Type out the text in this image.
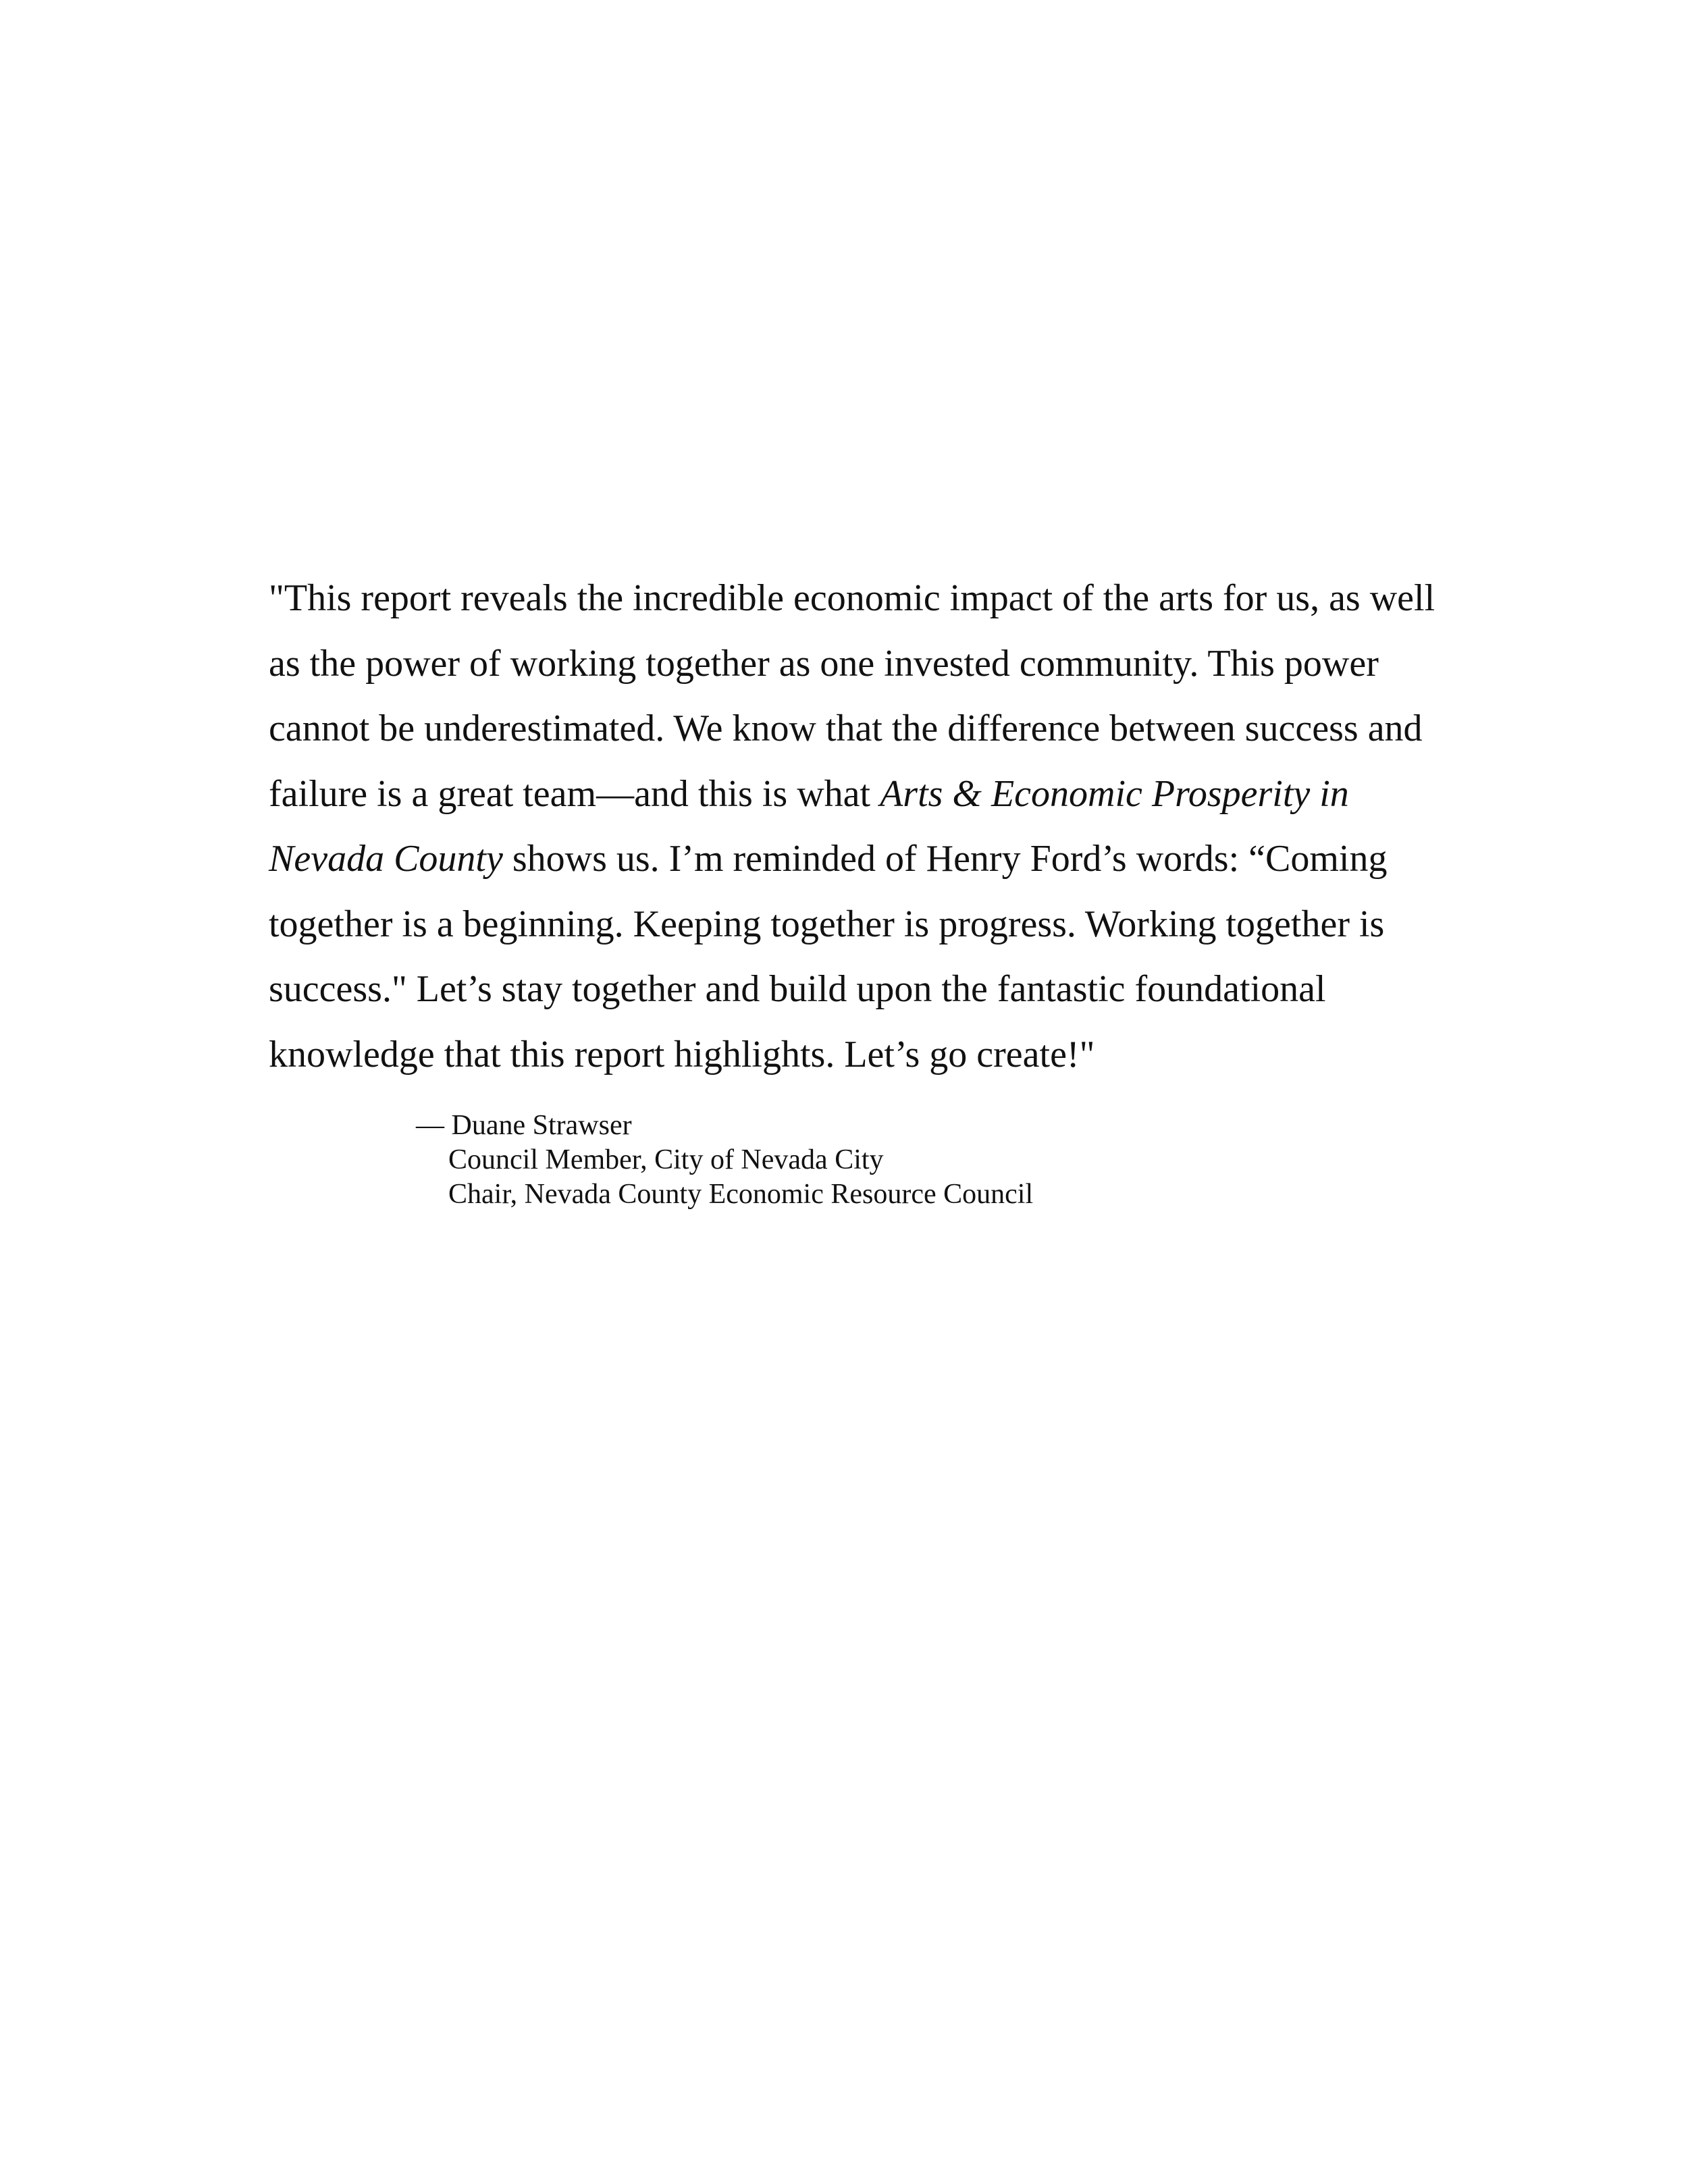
"This report reveals the incredible economic impact of the arts for us, as well
as the power of working together as one invested community. This power
cannot be underestimated. We know that the difference between success and
failure is a great team—and this is what Arts & Economic Prosperity in
Nevada County shows us. I’m reminded of Henry Ford’s words: “Coming
together is a beginning. Keeping together is progress. Working together is
success." Let’s stay together and build upon the fantastic foundational
knowledge that this report highlights. Let’s go create!"

— Duane Strawser
Council Member, City of Nevada City
Chair, Nevada County Economic Resource Council
